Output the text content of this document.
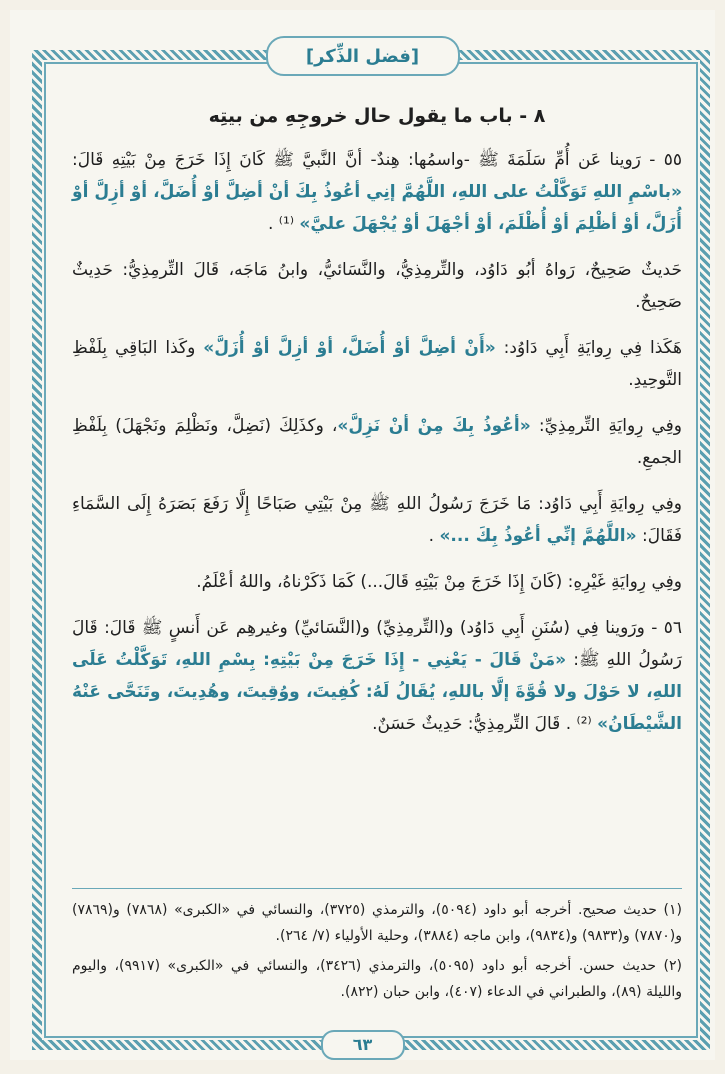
[فضل الذِّكر]
٨ - باب ما يقول حال خروجِهِ من بيتِه

٥٥ - رَوينا عَن أُمِّ سَلَمَةَ ﷺ -واسمُها: هِندٌ- أنَّ النَّبيَّ ﷺ كَانَ إِذَا خَرَجَ مِنْ بَيْتِهِ قَالَ: «باسْمِ اللهِ تَوَكَّلْتُ على اللهِ، اللَّهُمَّ إنِي أعُوذُ بِكَ أنْ أضِلَّ أوْ أُضَلَّ، أوْ أزِلَّ أوْ أُزَلَّ، أوْ أظْلِمَ أوْ أُظْلَمَ، أوْ أجْهَلَ أوْ يُجْهَلَ عليَّ» ⁽¹⁾ .

حَديثٌ صَحِيحٌ، رَواهُ أبُو دَاوُد، والتِّرمِذِيُّ، والنَّسَائيُّ، وابنُ مَاجَه، قَالَ التِّرمِذِيُّ: حَدِيثٌ صَحِيحٌ.

هَكَذا فِي رِوايَةِ أَبِي دَاوُد: «أَنْ أضِلَّ أوْ أُضَلَّ، أوْ أزِلَّ أوْ أُزَلَّ» وكَذا البَاقِي بِلَفْظِ التَّوحِيدِ.

وفِي رِوايَةِ التِّرمِذِيِّ: «أعُوذُ بِكَ مِنْ أنْ نَزِلَّ»، وكذَلِكَ (نَضِلَّ، ونَظْلِمَ ونَجْهَلَ) بِلَفْظِ الجمعِ.

وفِي رِوايَةِ أَبِي دَاوُد: مَا خَرَجَ رَسُولُ اللهِ ﷺ مِنْ بَيْتِي صَبَاحًا إِلَّا رَفَعَ بَصَرَهُ إِلَى السَّمَاءِ فَقَالَ: «اللَّهُمَّ إنِّي أعُوذُ بِكَ ...» .

وفِي رِوايَةِ غَيْرِهِ: (كَانَ إِذَا خَرَجَ مِنْ بَيْتِهِ قَالَ...) كَمَا ذَكَرْناهُ، واللهُ أعْلَمُ.

٥٦ - ورَوينا فِي (سُنَنِ أَبِي دَاوُد) و(التِّرمِذِيِّ) و(النَّسَائيِّ) وغيرهِم عَن أَنسٍ ﷺ قَالَ: قَالَ رَسُولُ اللهِ ﷺ: «مَنْ قَالَ - يَعْنِي - إِذَا خَرَجَ مِنْ بَيْتِهِ: بِسْمِ اللهِ، تَوَكَّلْتُ عَلَى اللهِ، لا حَوْلَ ولا قُوَّةَ إلَّا باللهِ، يُقَالُ لَهُ: كُفِيتَ، ووُقِيتَ، وهُدِيتَ، وتَنَحَّى عَنْهُ الشَّيْطَانُ» ⁽²⁾ . قَالَ التِّرمِذِيُّ: حَدِيثٌ حَسَنٌ.

(١) حديث صحيح. أخرجه أبو داود (٥٠٩٤)، والترمذي (٣٧٢٥)، والنسائي في «الكبرى» (٧٨٦٨) و(٧٨٦٩) و(٧٨٧٠) و(٩٨٣٣) و(٩٨٣٤)، وابن ماجه (٣٨٨٤)، وحلية الأولياء (٧/ ٢٦٤).

(٢) حديث حسن. أخرجه أبو داود (٥٠٩٥)، والترمذي (٣٤٢٦)، والنسائي في «الكبرى» (٩٩١٧)، واليوم والليلة (٨٩)، والطبراني في الدعاء (٤٠٧)، وابن حبان (٨٢٢).

٦٣
